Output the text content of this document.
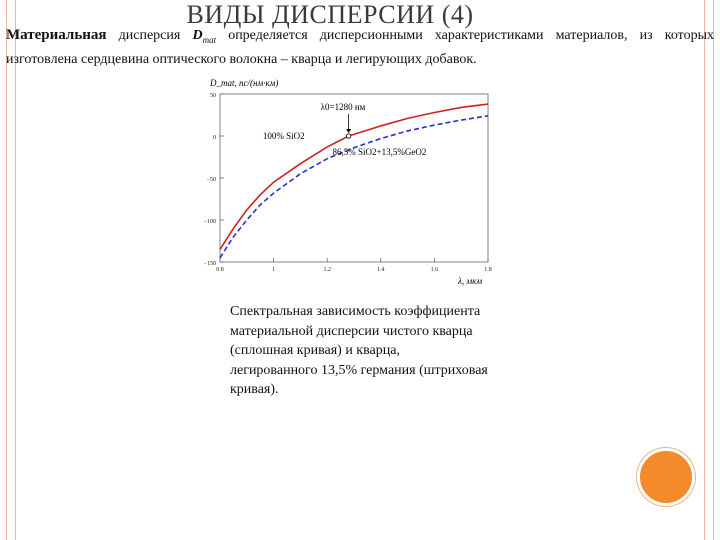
ВИДЫ ДИСПЕРСИИ (4)
Материальная дисперсия $D_{mat}$ определяется дисперсионными характеристиками материалов, из которых изготовлена сердцевина оптического волокна – кварца и легирующих добавок.
D_mat, пс/(нм·км)
λ, мкм
50
0
−50
−100
−150
0.8	1	1.2	1.4	1.6	1.8
λ0=1280 нм
100% SiO2
86,5% SiO2+13,5%GeO2
Спектральная зависимость коэффициента материальной дисперсии чистого кварца (сплошная кривая) и кварца, легированного 13,5% германия (штриховая кривая).
